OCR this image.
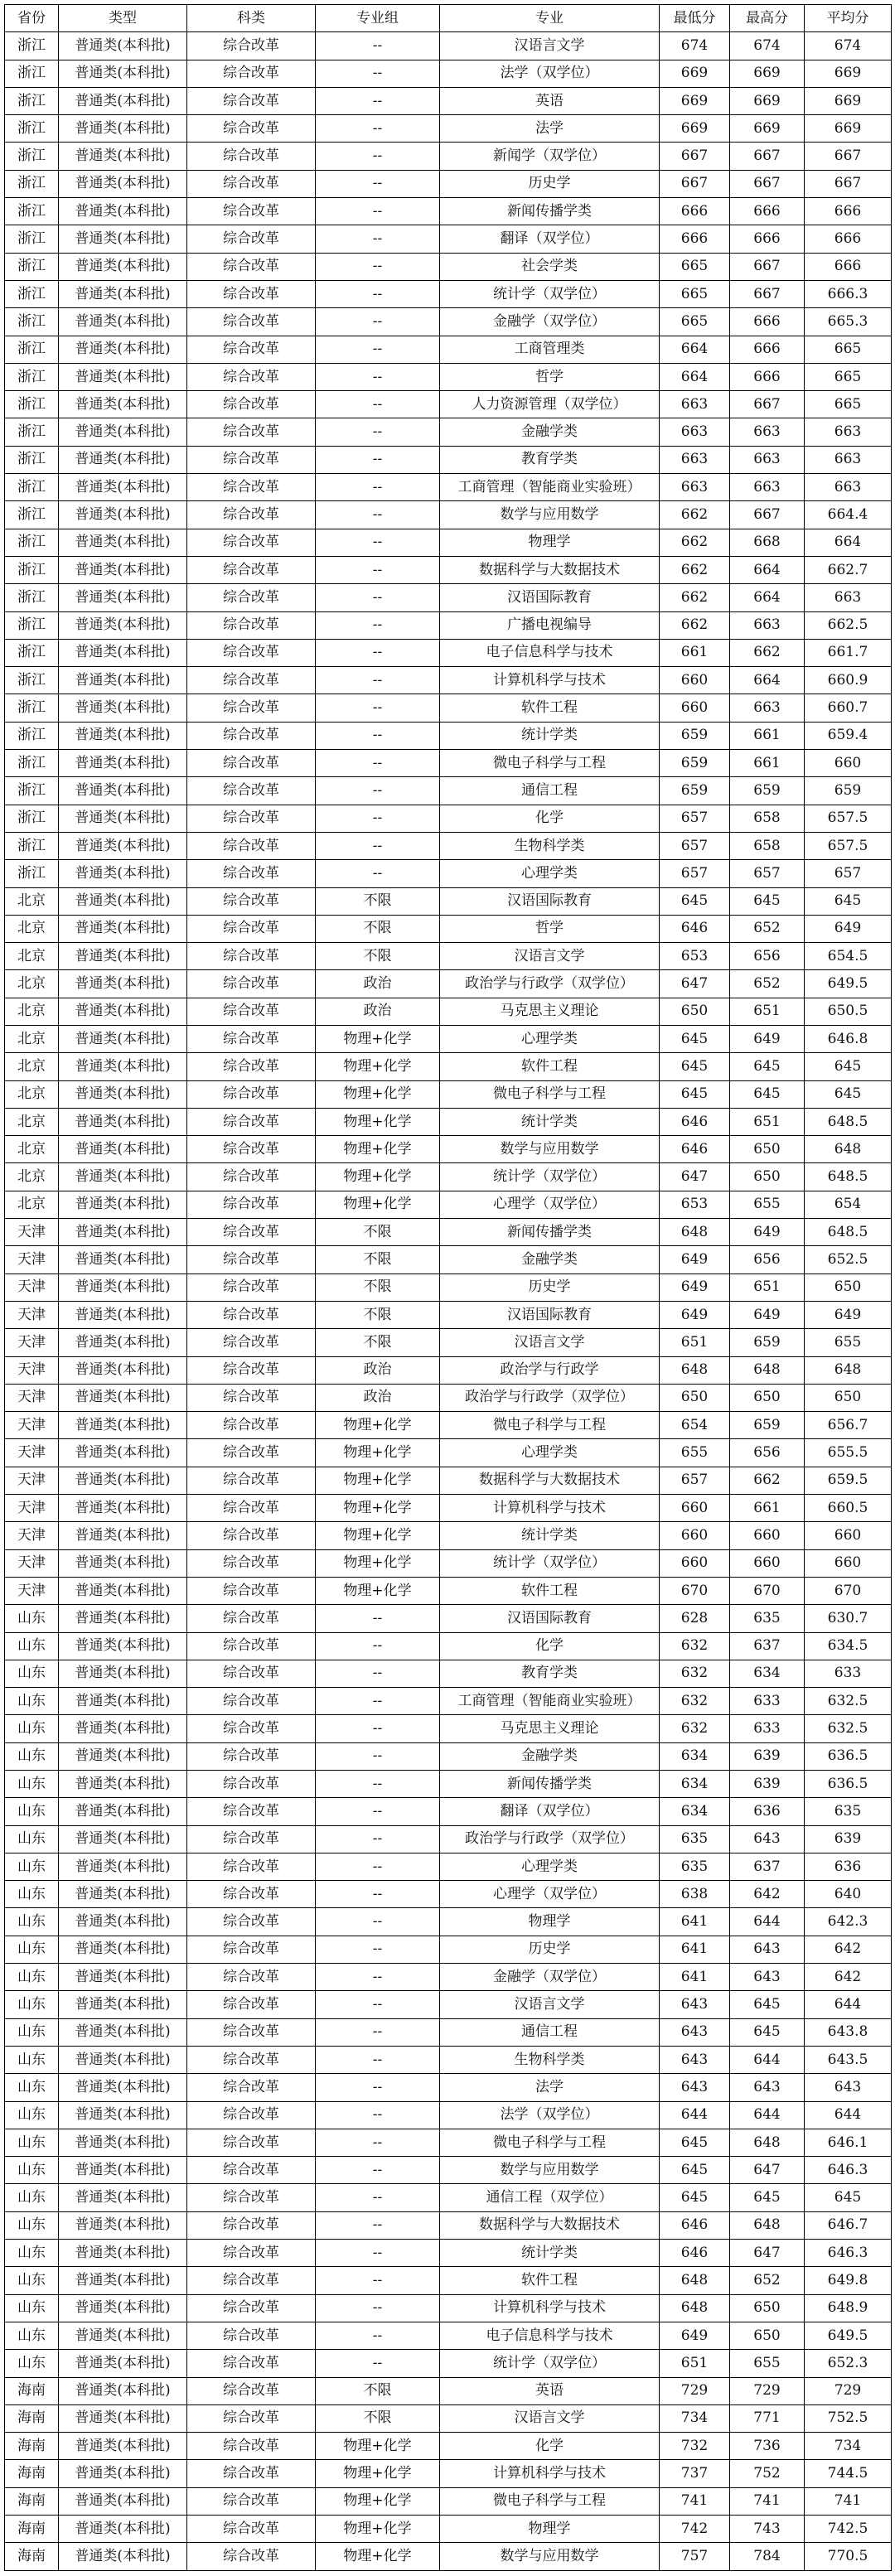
省份	类型	科类	专业组	专业	最低分	最高分	平均分
浙江	普通类(本科批)	综合改革	--	汉语言文学	674	674	674
浙江	普通类(本科批)	综合改革	--	法学（双学位）	669	669	669
浙江	普通类(本科批)	综合改革	--	英语	669	669	669
浙江	普通类(本科批)	综合改革	--	法学	669	669	669
浙江	普通类(本科批)	综合改革	--	新闻学（双学位）	667	667	667
浙江	普通类(本科批)	综合改革	--	历史学	667	667	667
浙江	普通类(本科批)	综合改革	--	新闻传播学类	666	666	666
浙江	普通类(本科批)	综合改革	--	翻译（双学位）	666	666	666
浙江	普通类(本科批)	综合改革	--	社会学类	665	667	666
浙江	普通类(本科批)	综合改革	--	统计学（双学位）	665	667	666.3
浙江	普通类(本科批)	综合改革	--	金融学（双学位）	665	666	665.3
浙江	普通类(本科批)	综合改革	--	工商管理类	664	666	665
浙江	普通类(本科批)	综合改革	--	哲学	664	666	665
浙江	普通类(本科批)	综合改革	--	人力资源管理（双学位）	663	667	665
浙江	普通类(本科批)	综合改革	--	金融学类	663	663	663
浙江	普通类(本科批)	综合改革	--	教育学类	663	663	663
浙江	普通类(本科批)	综合改革	--	工商管理（智能商业实验班）	663	663	663
浙江	普通类(本科批)	综合改革	--	数学与应用数学	662	667	664.4
浙江	普通类(本科批)	综合改革	--	物理学	662	668	664
浙江	普通类(本科批)	综合改革	--	数据科学与大数据技术	662	664	662.7
浙江	普通类(本科批)	综合改革	--	汉语国际教育	662	664	663
浙江	普通类(本科批)	综合改革	--	广播电视编导	662	663	662.5
浙江	普通类(本科批)	综合改革	--	电子信息科学与技术	661	662	661.7
浙江	普通类(本科批)	综合改革	--	计算机科学与技术	660	664	660.9
浙江	普通类(本科批)	综合改革	--	软件工程	660	663	660.7
浙江	普通类(本科批)	综合改革	--	统计学类	659	661	659.4
浙江	普通类(本科批)	综合改革	--	微电子科学与工程	659	661	660
浙江	普通类(本科批)	综合改革	--	通信工程	659	659	659
浙江	普通类(本科批)	综合改革	--	化学	657	658	657.5
浙江	普通类(本科批)	综合改革	--	生物科学类	657	658	657.5
浙江	普通类(本科批)	综合改革	--	心理学类	657	657	657
北京	普通类(本科批)	综合改革	不限	汉语国际教育	645	645	645
北京	普通类(本科批)	综合改革	不限	哲学	646	652	649
北京	普通类(本科批)	综合改革	不限	汉语言文学	653	656	654.5
北京	普通类(本科批)	综合改革	政治	政治学与行政学（双学位）	647	652	649.5
北京	普通类(本科批)	综合改革	政治	马克思主义理论	650	651	650.5
北京	普通类(本科批)	综合改革	物理+化学	心理学类	645	649	646.8
北京	普通类(本科批)	综合改革	物理+化学	软件工程	645	645	645
北京	普通类(本科批)	综合改革	物理+化学	微电子科学与工程	645	645	645
北京	普通类(本科批)	综合改革	物理+化学	统计学类	646	651	648.5
北京	普通类(本科批)	综合改革	物理+化学	数学与应用数学	646	650	648
北京	普通类(本科批)	综合改革	物理+化学	统计学（双学位）	647	650	648.5
北京	普通类(本科批)	综合改革	物理+化学	心理学（双学位）	653	655	654
天津	普通类(本科批)	综合改革	不限	新闻传播学类	648	649	648.5
天津	普通类(本科批)	综合改革	不限	金融学类	649	656	652.5
天津	普通类(本科批)	综合改革	不限	历史学	649	651	650
天津	普通类(本科批)	综合改革	不限	汉语国际教育	649	649	649
天津	普通类(本科批)	综合改革	不限	汉语言文学	651	659	655
天津	普通类(本科批)	综合改革	政治	政治学与行政学	648	648	648
天津	普通类(本科批)	综合改革	政治	政治学与行政学（双学位）	650	650	650
天津	普通类(本科批)	综合改革	物理+化学	微电子科学与工程	654	659	656.7
天津	普通类(本科批)	综合改革	物理+化学	心理学类	655	656	655.5
天津	普通类(本科批)	综合改革	物理+化学	数据科学与大数据技术	657	662	659.5
天津	普通类(本科批)	综合改革	物理+化学	计算机科学与技术	660	661	660.5
天津	普通类(本科批)	综合改革	物理+化学	统计学类	660	660	660
天津	普通类(本科批)	综合改革	物理+化学	统计学（双学位）	660	660	660
天津	普通类(本科批)	综合改革	物理+化学	软件工程	670	670	670
山东	普通类(本科批)	综合改革	--	汉语国际教育	628	635	630.7
山东	普通类(本科批)	综合改革	--	化学	632	637	634.5
山东	普通类(本科批)	综合改革	--	教育学类	632	634	633
山东	普通类(本科批)	综合改革	--	工商管理（智能商业实验班）	632	633	632.5
山东	普通类(本科批)	综合改革	--	马克思主义理论	632	633	632.5
山东	普通类(本科批)	综合改革	--	金融学类	634	639	636.5
山东	普通类(本科批)	综合改革	--	新闻传播学类	634	639	636.5
山东	普通类(本科批)	综合改革	--	翻译（双学位）	634	636	635
山东	普通类(本科批)	综合改革	--	政治学与行政学（双学位）	635	643	639
山东	普通类(本科批)	综合改革	--	心理学类	635	637	636
山东	普通类(本科批)	综合改革	--	心理学（双学位）	638	642	640
山东	普通类(本科批)	综合改革	--	物理学	641	644	642.3
山东	普通类(本科批)	综合改革	--	历史学	641	643	642
山东	普通类(本科批)	综合改革	--	金融学（双学位）	641	643	642
山东	普通类(本科批)	综合改革	--	汉语言文学	643	645	644
山东	普通类(本科批)	综合改革	--	通信工程	643	645	643.8
山东	普通类(本科批)	综合改革	--	生物科学类	643	644	643.5
山东	普通类(本科批)	综合改革	--	法学	643	643	643
山东	普通类(本科批)	综合改革	--	法学（双学位）	644	644	644
山东	普通类(本科批)	综合改革	--	微电子科学与工程	645	648	646.1
山东	普通类(本科批)	综合改革	--	数学与应用数学	645	647	646.3
山东	普通类(本科批)	综合改革	--	通信工程（双学位）	645	645	645
山东	普通类(本科批)	综合改革	--	数据科学与大数据技术	646	648	646.7
山东	普通类(本科批)	综合改革	--	统计学类	646	647	646.3
山东	普通类(本科批)	综合改革	--	软件工程	648	652	649.8
山东	普通类(本科批)	综合改革	--	计算机科学与技术	648	650	648.9
山东	普通类(本科批)	综合改革	--	电子信息科学与技术	649	650	649.5
山东	普通类(本科批)	综合改革	--	统计学（双学位）	651	655	652.3
海南	普通类(本科批)	综合改革	不限	英语	729	729	729
海南	普通类(本科批)	综合改革	不限	汉语言文学	734	771	752.5
海南	普通类(本科批)	综合改革	物理+化学	化学	732	736	734
海南	普通类(本科批)	综合改革	物理+化学	计算机科学与技术	737	752	744.5
海南	普通类(本科批)	综合改革	物理+化学	微电子科学与工程	741	741	741
海南	普通类(本科批)	综合改革	物理+化学	物理学	742	743	742.5
海南	普通类(本科批)	综合改革	物理+化学	数学与应用数学	757	784	770.5
